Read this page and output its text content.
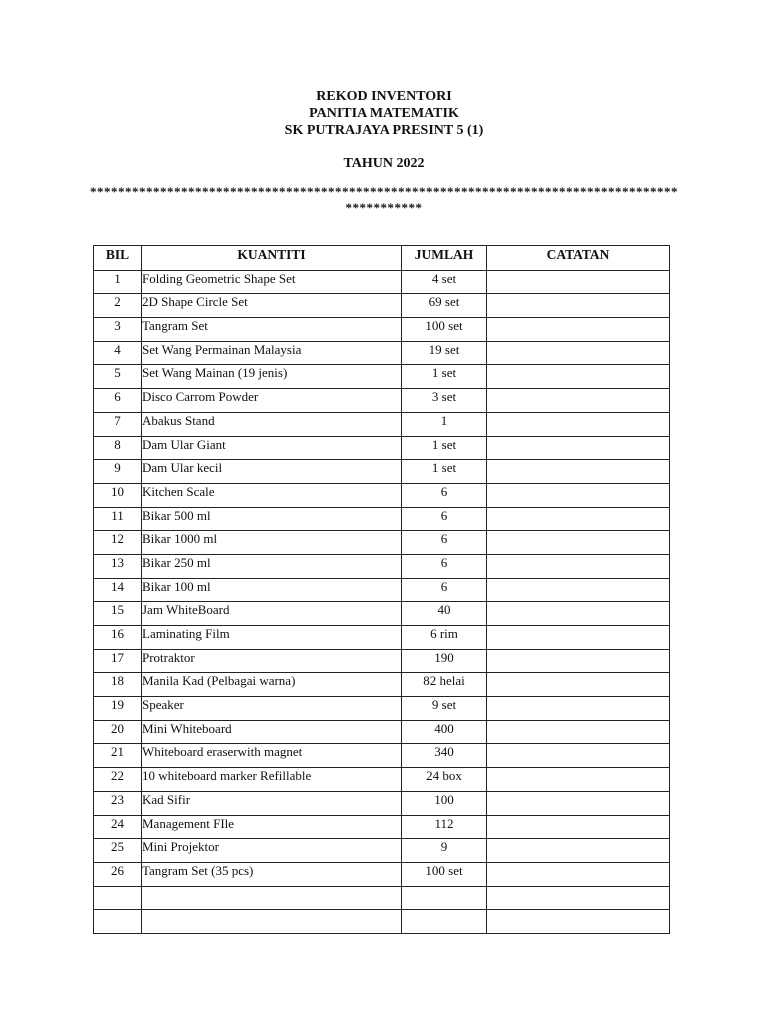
REKOD INVENTORI
PANITIA MATEMATIK
SK PUTRAJAYA PRESINT 5 (1)
TAHUN 2022
************************************************************************************
***********
BIL	KUANTITI	JUMLAH	CATATAN
1	Folding Geometric Shape Set	4 set	
2	2D Shape Circle Set	69 set	
3	Tangram Set	100 set	
4	Set Wang Permainan Malaysia	19 set	
5	Set Wang Mainan (19 jenis)	1 set	
6	Disco Carrom Powder	3 set	
7	Abakus Stand	1	
8	Dam Ular Giant	1 set	
9	Dam Ular kecil	1 set	
10	Kitchen Scale	6	
11	Bikar 500 ml	6	
12	Bikar 1000 ml	6	
13	Bikar 250 ml	6	
14	Bikar 100 ml	6	
15	Jam WhiteBoard	40	
16	Laminating Film	6 rim	
17	Protraktor	190	
18	Manila Kad (Pelbagai warna)	82 helai	
19	Speaker	9 set	
20	Mini Whiteboard	400	
21	Whiteboard eraserwith magnet	340	
22	10 whiteboard marker Refillable	24 box	
23	Kad Sifir	100	
24	Management FIle	112	
25	Mini Projektor	9	
26	Tangram Set (35 pcs)	100 set	
